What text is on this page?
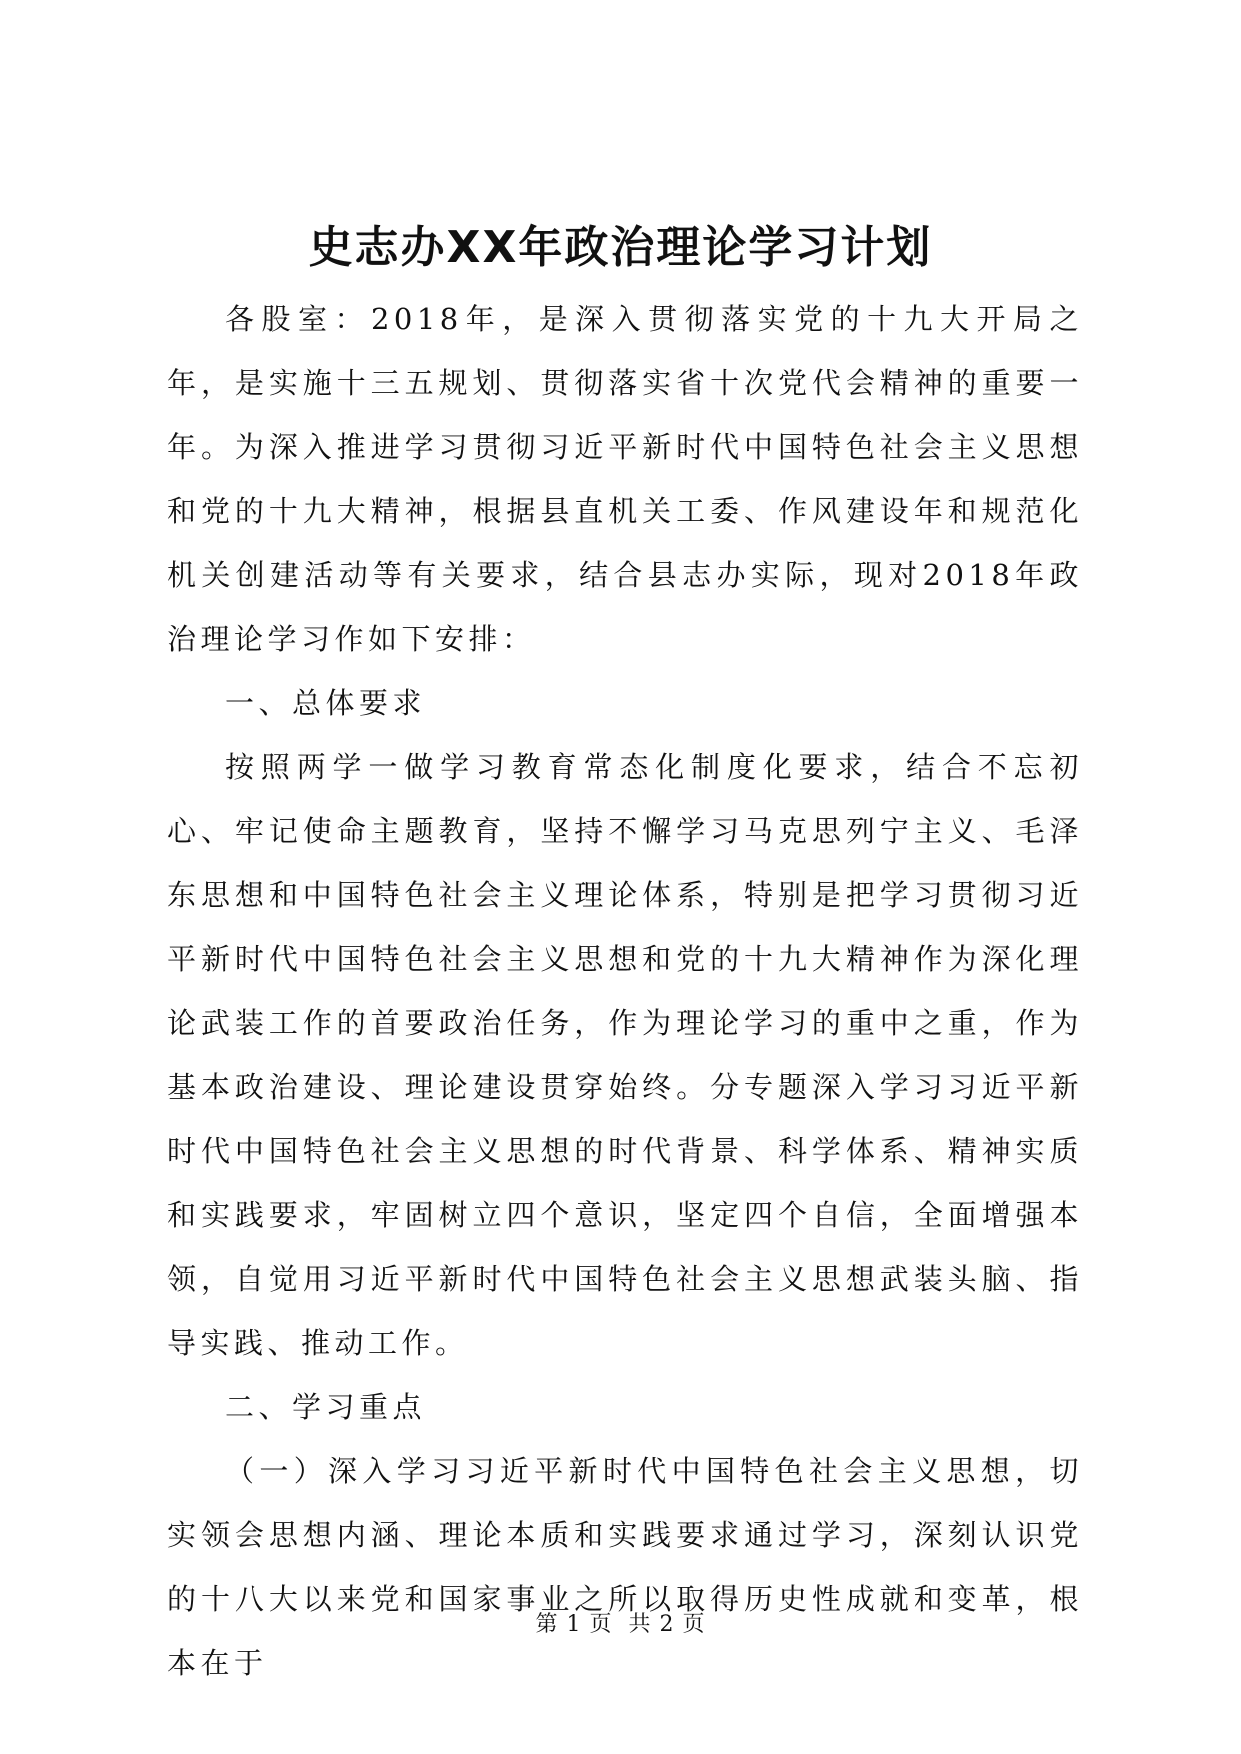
史志办XX年政治理论学习计划

各股室：2018年，是深入贯彻落实党的十九大开局之年，是实施十三五规划、贯彻落实省十次党代会精神的重要一年。为深入推进学习贯彻习近平新时代中国特色社会主义思想和党的十九大精神，根据县直机关工委、作风建设年和规范化机关创建活动等有关要求，结合县志办实际，现对2018年政治理论学习作如下安排：

一、总体要求

按照两学一做学习教育常态化制度化要求，结合不忘初心、牢记使命主题教育，坚持不懈学习马克思列宁主义、毛泽东思想和中国特色社会主义理论体系，特别是把学习贯彻习近平新时代中国特色社会主义思想和党的十九大精神作为深化理论武装工作的首要政治任务，作为理论学习的重中之重，作为基本政治建设、理论建设贯穿始终。分专题深入学习习近平新时代中国特色社会主义思想的时代背景、科学体系、精神实质和实践要求，牢固树立四个意识，坚定四个自信，全面增强本领，自觉用习近平新时代中国特色社会主义思想武装头脑、指导实践、推动工作。

二、学习重点

（一）深入学习习近平新时代中国特色社会主义思想，切实领会思想内涵、理论本质和实践要求通过学习，深刻认识党的十八大以来党和国家事业之所以取得历史性成就和变革，根本在于

第 1 页  共 2 页
